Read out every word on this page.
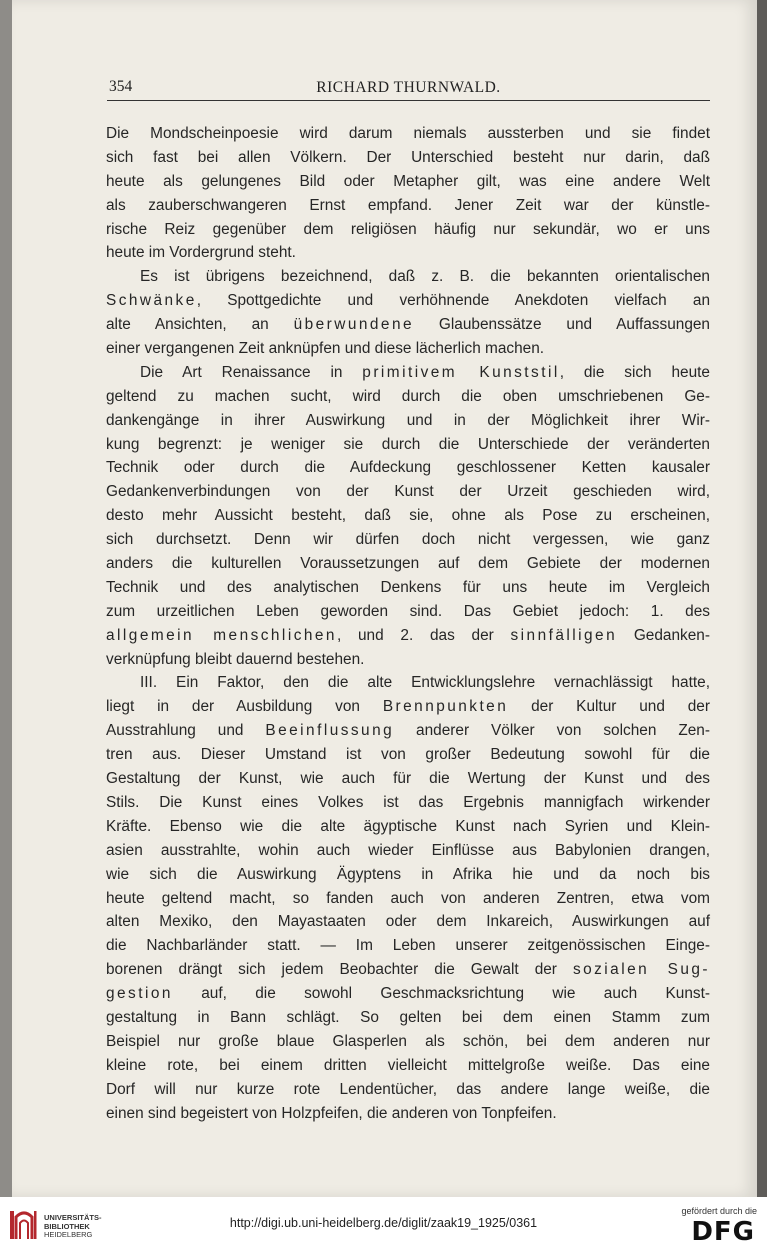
354	RICHARD THURNWALD.
Die Mondscheinpoesie wird darum niemals aussterben und sie findet
sich fast bei allen Völkern. Der Unterschied besteht nur darin, daß
heute als gelungenes Bild oder Metapher gilt, was eine andere Welt
als zauberschwangeren Ernst empfand. Jener Zeit war der künstle-
rische Reiz gegenüber dem religiösen häufig nur sekundär, wo er uns
heute im Vordergrund steht.
Es ist übrigens bezeichnend, daß z. B. die bekannten orientalischen
Schwänke, Spottgedichte und verhöhnende Anekdoten vielfach an
alte Ansichten, an überwundene Glaubenssätze und Auffassungen
einer vergangenen Zeit anknüpfen und diese lächerlich machen.
Die Art Renaissance in primitivem Kunststil, die sich heute
geltend zu machen sucht, wird durch die oben umschriebenen Ge-
dankengänge in ihrer Auswirkung und in der Möglichkeit ihrer Wir-
kung begrenzt: je weniger sie durch die Unterschiede der veränderten
Technik oder durch die Aufdeckung geschlossener Ketten kausaler
Gedankenverbindungen von der Kunst der Urzeit geschieden wird,
desto mehr Aussicht besteht, daß sie, ohne als Pose zu erscheinen,
sich durchsetzt. Denn wir dürfen doch nicht vergessen, wie ganz
anders die kulturellen Voraussetzungen auf dem Gebiete der modernen
Technik und des analytischen Denkens für uns heute im Vergleich
zum urzeitlichen Leben geworden sind. Das Gebiet jedoch: 1. des
allgemein menschlichen, und 2. das der sinnfälligen Gedanken-
verknüpfung bleibt dauernd bestehen.
III. Ein Faktor, den die alte Entwicklungslehre vernachlässigt hatte,
liegt in der Ausbildung von Brennpunkten der Kultur und der
Ausstrahlung und Beeinflussung anderer Völker von solchen Zen-
tren aus. Dieser Umstand ist von großer Bedeutung sowohl für die
Gestaltung der Kunst, wie auch für die Wertung der Kunst und des
Stils. Die Kunst eines Volkes ist das Ergebnis mannigfach wirkender
Kräfte. Ebenso wie die alte ägyptische Kunst nach Syrien und Klein-
asien ausstrahlte, wohin auch wieder Einflüsse aus Babylonien drangen,
wie sich die Auswirkung Ägyptens in Afrika hie und da noch bis
heute geltend macht, so fanden auch von anderen Zentren, etwa vom
alten Mexiko, den Mayastaaten oder dem Inkareich, Auswirkungen auf
die Nachbarländer statt. — Im Leben unserer zeitgenössischen Einge-
borenen drängt sich jedem Beobachter die Gewalt der sozialen Sug-
gestion auf, die sowohl Geschmacksrichtung wie auch Kunst-
gestaltung in Bann schlägt. So gelten bei dem einen Stamm zum
Beispiel nur große blaue Glasperlen als schön, bei dem anderen nur
kleine rote, bei einem dritten vielleicht mittelgroße weiße. Das eine
Dorf will nur kurze rote Lendentücher, das andere lange weiße, die
einen sind begeistert von Holzpfeifen, die anderen von Tonpfeifen.
UNIVERSITÄTS-
BIBLIOTHEK
HEIDELBERG
http://digi.ub.uni-heidelberg.de/diglit/zaak19_1925/0361
gefördert durch die
DFG
